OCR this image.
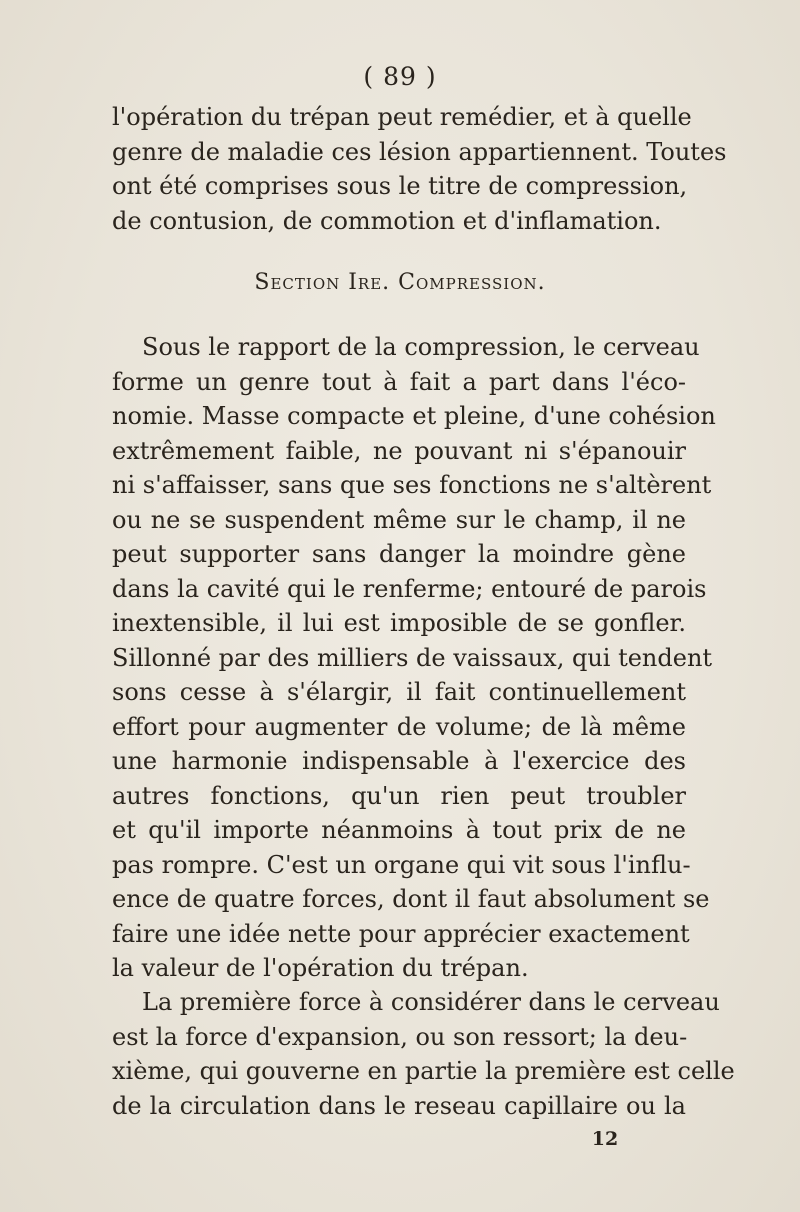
( 89 )
l'opération du trépan peut remédier, et à quelle
genre de maladie ces lésion appartiennent. Toutes
ont été comprises sous le titre de compression,
de contusion, de commotion et d'inflamation.
Section Ire. Compression.
Sous le rapport de la compression, le cerveau
forme un genre tout à fait a part dans l'éco-
nomie. Masse compacte et pleine, d'une cohésion
extrêmement faible, ne pouvant ni s'épanouir
ni s'affaisser, sans que ses fonctions ne s'altèrent
ou ne se suspendent même sur le champ, il ne
peut supporter sans danger la moindre gène
dans la cavité qui le renferme; entouré de parois
inextensible, il lui est imposible de se gonfler.
Sillonné par des milliers de vaissaux, qui tendent
sons cesse à s'élargir, il fait continuellement
effort pour augmenter de volume; de là même
une harmonie indispensable à l'exercice des
autres fonctions, qu'un rien peut troubler
et qu'il importe néanmoins à tout prix de ne
pas rompre. C'est un organe qui vit sous l'influ-
ence de quatre forces, dont il faut absolument se
faire une idée nette pour apprécier exactement
la valeur de l'opération du trépan.
La première force à considérer dans le cerveau
est la force d'expansion, ou son ressort; la deu-
xième, qui gouverne en partie la première est celle
de la circulation dans le reseau capillaire ou la
12
